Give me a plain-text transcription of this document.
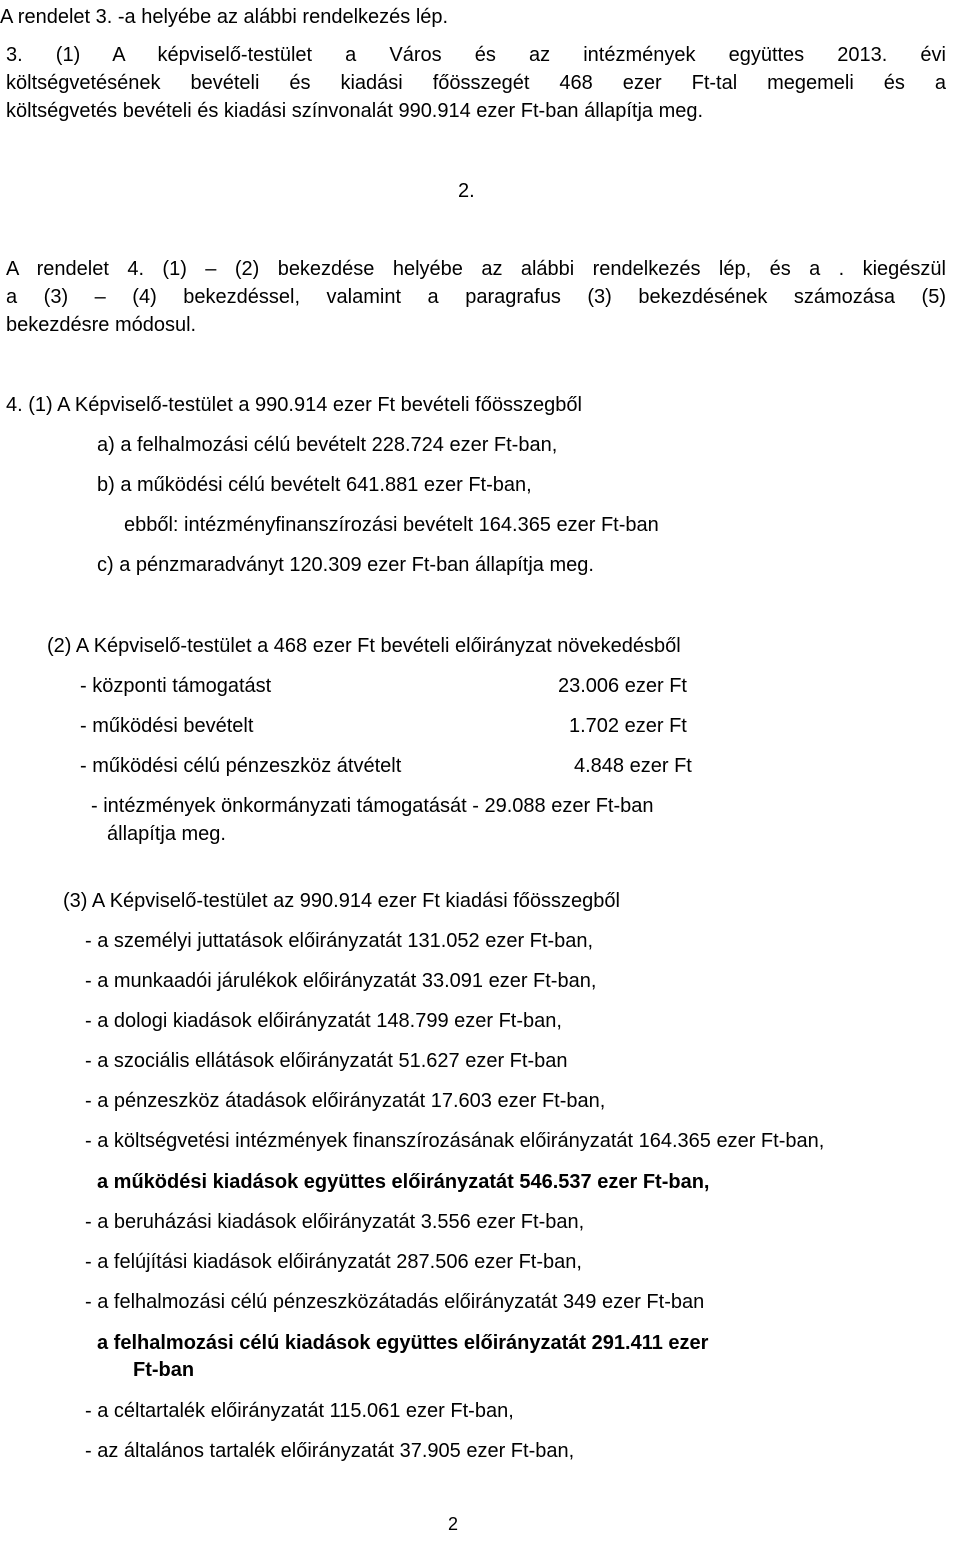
A rendelet 3. -a helyébe az alábbi rendelkezés lép.

3. (1) A képviselő-testület a Város és az intézmények együttes 2013. évi

költségvetésének bevételi és kiadási főösszegét 468 ezer Ft-tal megemeli és a

költségvetés bevételi és kiadási színvonalát 990.914 ezer Ft-ban állapítja meg.

2.

A rendelet 4. (1) – (2) bekezdése helyébe az alábbi rendelkezés lép, és a . kiegészül

a (3) – (4) bekezdéssel, valamint a paragrafus (3) bekezdésének számozása (5)

bekezdésre módosul.

4. (1) A Képviselő-testület a 990.914 ezer Ft bevételi főösszegből

a) a felhalmozási célú bevételt 228.724 ezer Ft-ban,

b) a működési célú bevételt 641.881 ezer Ft-ban,

ebből: intézményfinanszírozási bevételt 164.365 ezer Ft-ban

c) a pénzmaradványt 120.309 ezer Ft-ban állapítja meg.

(2) A Képviselő-testület a 468 ezer Ft bevételi előirányzat növekedésből

- központi támogatást	23.006 ezer Ft

- működési bevételt	1.702 ezer Ft

- működési célú pénzeszköz átvételt	4.848 ezer Ft

- intézmények önkormányzati támogatását - 29.088 ezer Ft-ban

állapítja meg.

(3) A Képviselő-testület az 990.914 ezer Ft kiadási főösszegből

- a személyi juttatások előirányzatát 131.052 ezer Ft-ban,

- a munkaadói járulékok előirányzatát 33.091 ezer Ft-ban,

- a dologi kiadások előirányzatát 148.799 ezer Ft-ban,

- a szociális ellátások előirányzatát 51.627 ezer Ft-ban

- a pénzeszköz átadások előirányzatát 17.603 ezer Ft-ban,

- a költségvetési intézmények finanszírozásának előirányzatát 164.365 ezer Ft-ban,

a működési kiadások együttes előirányzatát 546.537 ezer Ft-ban,

- a beruházási kiadások előirányzatát 3.556 ezer Ft-ban,

- a felújítási kiadások előirányzatát 287.506 ezer Ft-ban,

- a felhalmozási célú pénzeszközátadás előirányzatát 349 ezer Ft-ban

a felhalmozási célú kiadások együttes előirányzatát 291.411 ezer

Ft-ban

- a céltartalék előirányzatát 115.061 ezer Ft-ban,

- az általános tartalék előirányzatát 37.905 ezer Ft-ban,

2
